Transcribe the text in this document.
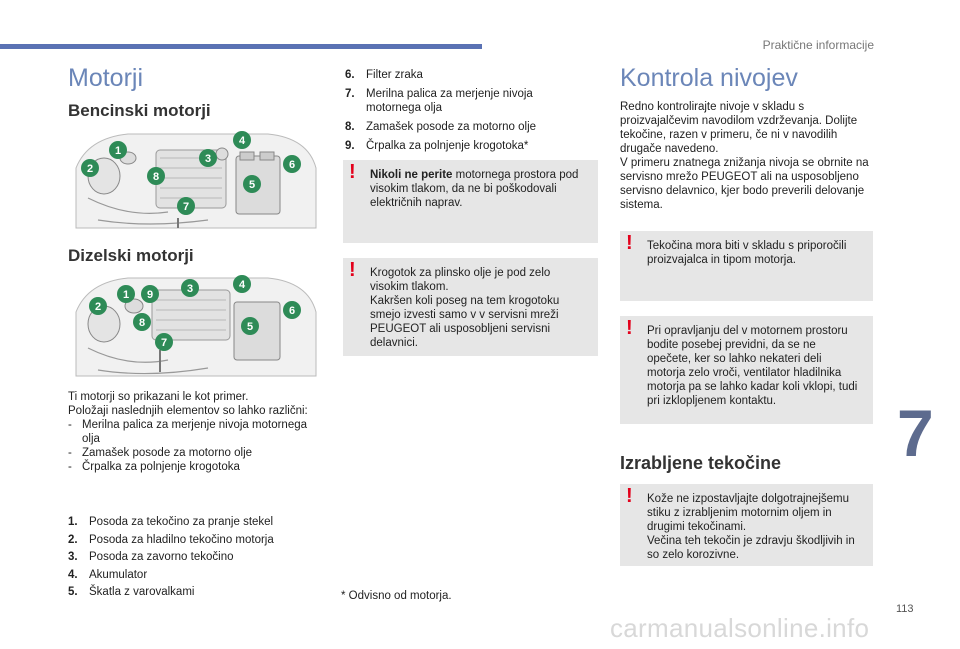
Praktične informacije
Motorji
Bencinski motorji
1
2
3
4
5
6
7
8
Dizelski motorji
1
2
3	4
5
6
7
8
9
Ti motorji so prikazani le kot primer.
Položaji naslednjih elementov so lahko različni:
- Merilna palica za merjenje nivoja motornega olja
- Zamašek posode za motorno olje
- Črpalka za polnjenje krogotoka
1. Posoda za tekočino za pranje stekel
2. Posoda za hladilno tekočino motorja
3. Posoda za zavorno tekočino
4. Akumulator
5. Škatla z varovalkami
6. Filter zraka
7. Merilna palica za merjenje nivoja motornega olja
8. Zamašek posode za motorno olje
9. Črpalka za polnjenje krogotoka*
! Nikoli ne perite motornega prostora pod visokim tlakom, da ne bi poškodovali električnih naprav.
! Krogotok za plinsko olje je pod zelo visokim tlakom.
Kakršen koli poseg na tem krogotoku smejo izvesti samo v v servisni mreži PEUGEOT ali usposobljeni servisni delavnici.
* Odvisno od motorja.
Kontrola nivojev
Redno kontrolirajte nivoje v skladu s proizvajalčevim navodilom vzdrževanja. Dolijte tekočine, razen v primeru, če ni v navodilih drugače navedeno.
V primeru znatnega znižanja nivoja se obrnite na servisno mrežo PEUGEOT ali na usposobljeno servisno delavnico, kjer bodo preverili delovanje sistema.
! Tekočina mora biti v skladu s priporočili proizvajalca in tipom motorja.
! Pri opravljanju del v motornem prostoru bodite posebej previdni, da se ne opečete, ker so lahko nekateri deli motorja zelo vroči, ventilator hladilnika motorja pa se lahko kadar koli vklopi, tudi pri izklopljenem kontaktu.
Izrabljene tekočine
! Kože ne izpostavljajte dolgotrajnejšemu stiku z izrabljenim motornim oljem in drugimi tekočinami.
Večina teh tekočin je zdravju škodljivih in so zelo korozivne.
7
113
carmanualsonline.info
